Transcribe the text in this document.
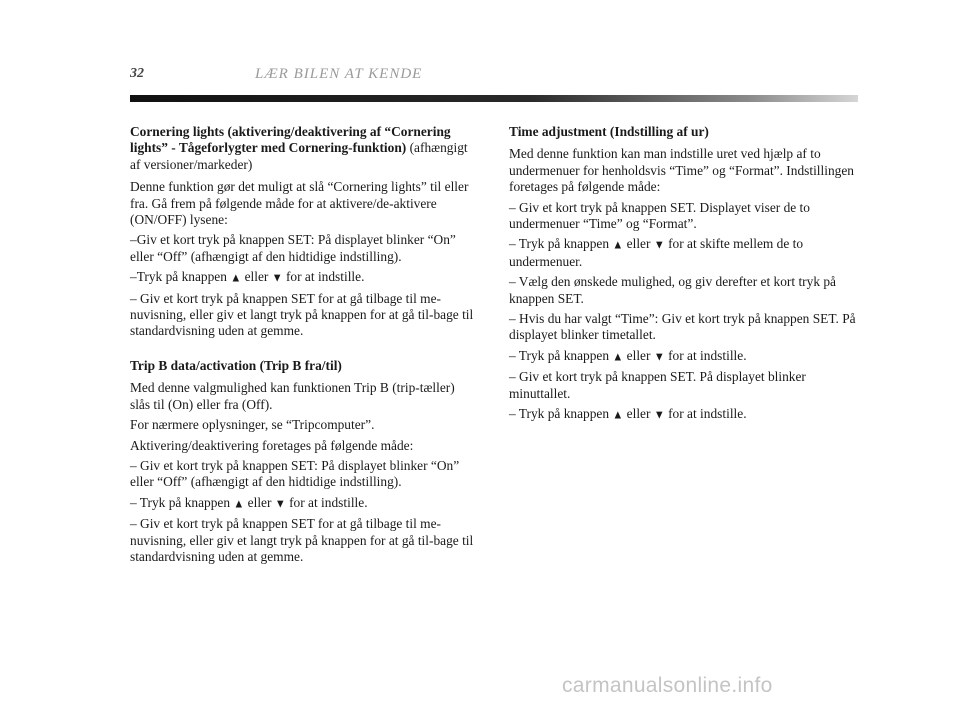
32	LÆR BILEN AT KENDE

Cornering lights (aktivering/deaktivering af “Cornering lights” - Tågeforlygter med Cornering-funktion) (afhængigt af versioner/markeder)

Denne funktion gør det muligt at slå “Cornering lights” til eller fra. Gå frem på følgende måde for at aktivere/de-aktivere (ON/OFF) lysene:

–Giv et kort tryk på knappen SET: På displayet blinker “On” eller “Off” (afhængigt af den hidtidige indstilling).

–Tryk på knappen ▲ eller ▼ for at indstille.

– Giv et kort tryk på knappen SET for at gå tilbage til me-nuvisning, eller giv et langt tryk på knappen for at gå til-bage til standardvisning uden at gemme.

Trip B data/activation (Trip B fra/til)

Med denne valgmulighed kan funktionen Trip B (trip-tæller) slås til (On) eller fra (Off).

For nærmere oplysninger, se “Tripcomputer”.

Aktivering/deaktivering foretages på følgende måde:

– Giv et kort tryk på knappen SET: På displayet blinker “On” eller “Off” (afhængigt af den hidtidige indstilling).

– Tryk på knappen ▲ eller ▼ for at indstille.

– Giv et kort tryk på knappen SET for at gå tilbage til me-nuvisning, eller giv et langt tryk på knappen for at gå til-bage til standardvisning uden at gemme.

Time adjustment (Indstilling af ur)

Med denne funktion kan man indstille uret ved hjælp af to undermenuer for henholdsvis “Time” og “Format”. Indstillingen foretages på følgende måde:

– Giv et kort tryk på knappen SET. Displayet viser de to undermenuer “Time” og “Format”.

– Tryk på knappen ▲ eller ▼ for at skifte mellem de to undermenuer.

– Vælg den ønskede mulighed, og giv derefter et kort tryk på knappen SET.

– Hvis du har valgt “Time”: Giv et kort tryk på knappen SET. På displayet blinker timetallet.

– Tryk på knappen ▲ eller ▼ for at indstille.

– Giv et kort tryk på knappen SET. På displayet blinker minuttallet.

– Tryk på knappen ▲ eller ▼ for at indstille.

carmanualsonline.info
